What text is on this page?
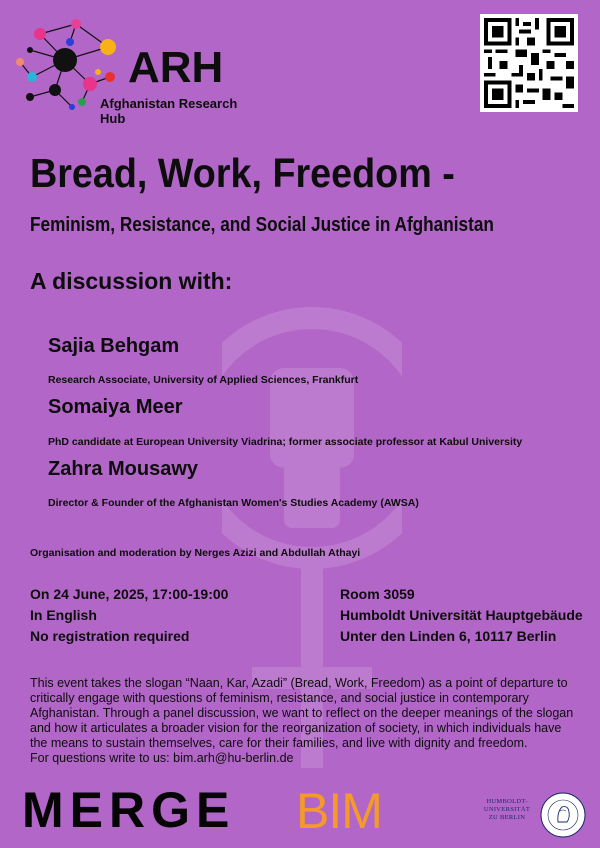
ARH
Afghanistan Research Hub
Bread, Work, Freedom -
Feminism, Resistance, and Social Justice in Afghanistan
A discussion with:
Sajia Behgam
Research Associate, University of Applied Sciences, Frankfurt
Somaiya Meer
PhD candidate at European University Viadrina; former associate professor at Kabul University
Zahra Mousawy
Director & Founder of the Afghanistan Women's Studies Academy (AWSA)
Organisation and moderation by Nerges Azizi and Abdullah Athayi
On 24 June, 2025, 17:00-19:00
In English
No registration required
Room 3059
Humboldt Universität Hauptgebäude
Unter den Linden 6, 10117 Berlin
This event takes the slogan “Naan, Kar, Azadi” (Bread, Work, Freedom) as a point of departure to critically engage with questions of feminism, resistance, and social justice in contemporary Afghanistan. Through a panel discussion, we want to reflect on the deeper meanings of the slogan and how it articulates a broader vision for the reorganization of society, in which individuals have the means to sustain themselves, care for their families, and live with dignity and freedom.
For questions write to us: bim.arh@hu-berlin.de
MERGE BIM	HUMBOLDT-
UNIVERSITÄT
ZU BERLIN
